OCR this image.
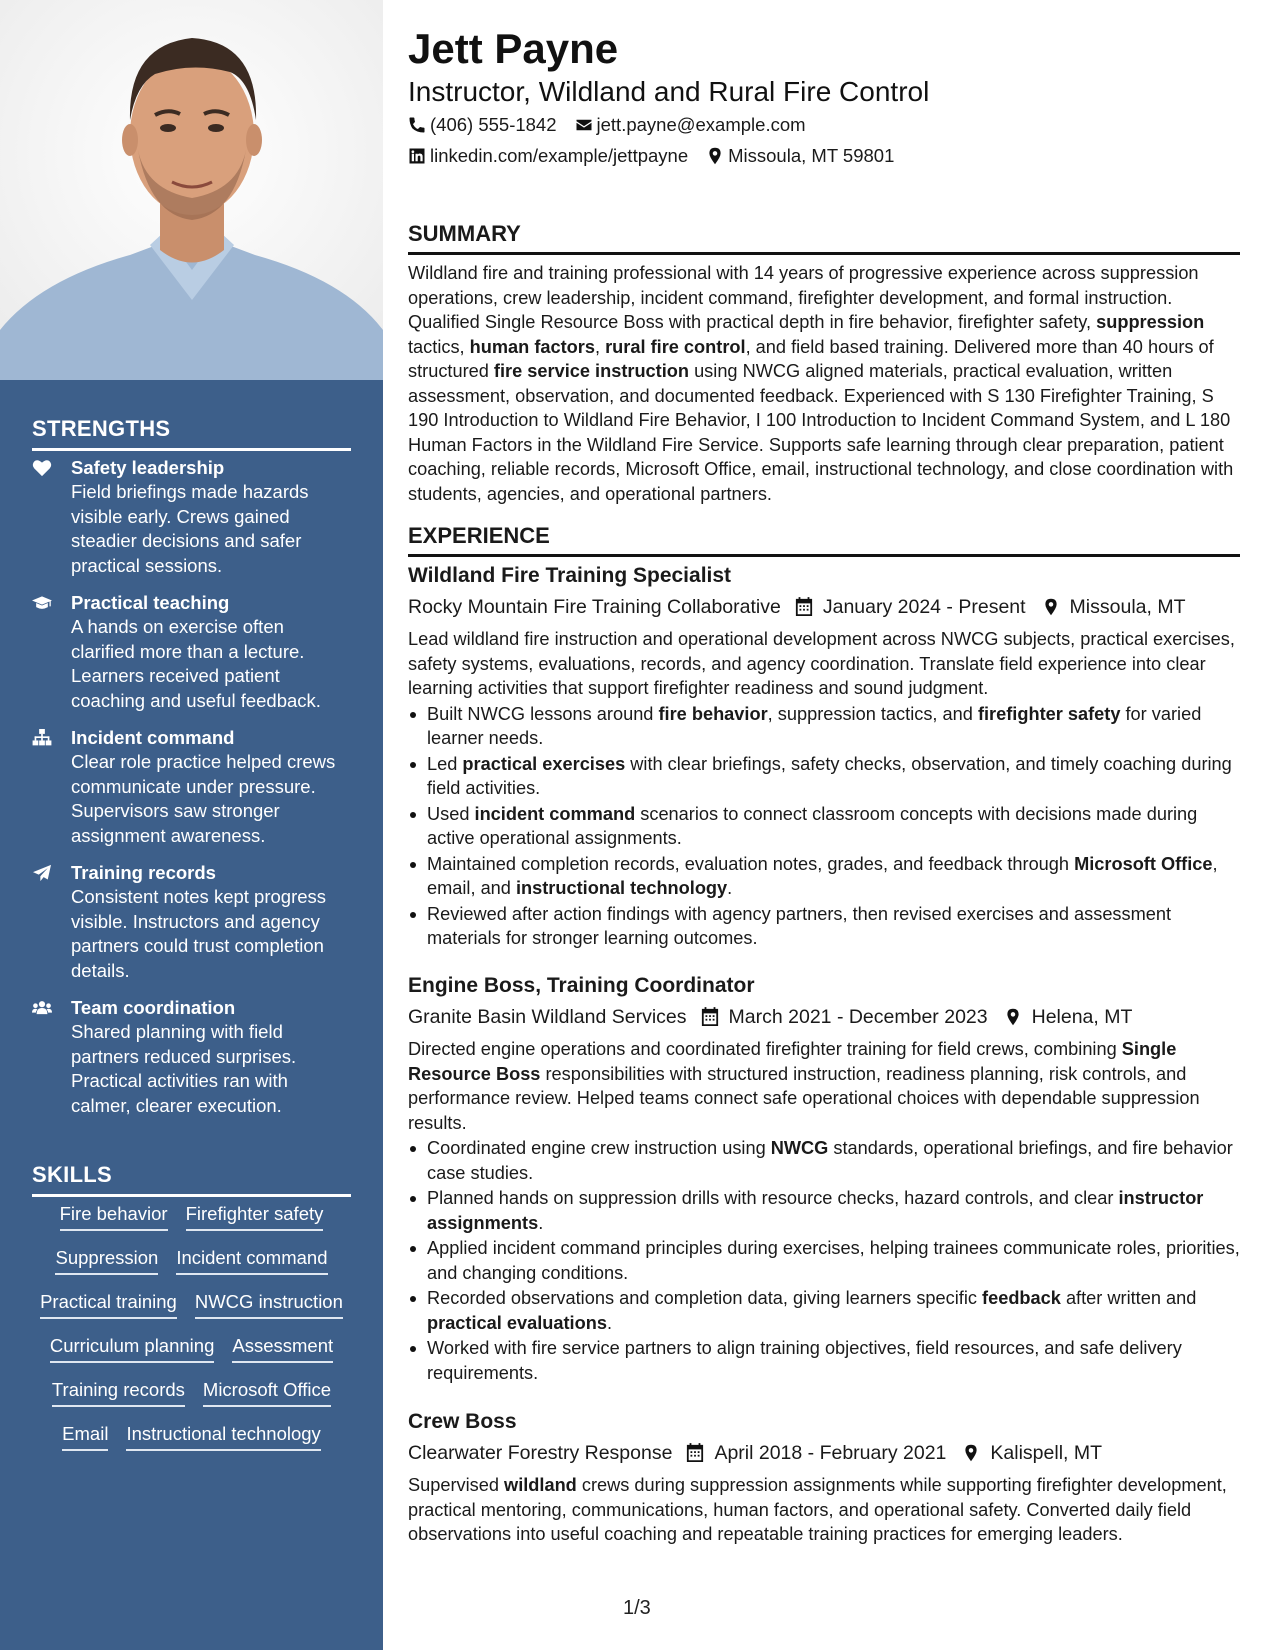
STRENGTHS
Safety leadership
Field briefings made hazards visible early. Crews gained steadier decisions and safer practical sessions.
Practical teaching
A hands on exercise often clarified more than a lecture. Learners received patient coaching and useful feedback.
Incident command
Clear role practice helped crews communicate under pressure. Supervisors saw stronger assignment awareness.
Training records
Consistent notes kept progress visible. Instructors and agency partners could trust completion details.
Team coordination
Shared planning with field partners reduced surprises. Practical activities ran with calmer, clearer execution.
SKILLS
Fire behavior Firefighter safety
Suppression Incident command
Practical training NWCG instruction
Curriculum planning Assessment
Training records Microsoft Office
Email Instructional technology
Jett Payne
Instructor, Wildland and Rural Fire Control
(406) 555-1842 jett.payne@example.com
linkedin.com/example/jettpayne Missoula, MT 59801
SUMMARY
Wildland fire and training professional with 14 years of progressive experience across suppression operations, crew leadership, incident command, firefighter development, and formal instruction. Qualified Single Resource Boss with practical depth in fire behavior, firefighter safety, suppression tactics, human factors, rural fire control, and field based training. Delivered more than 40 hours of structured fire service instruction using NWCG aligned materials, practical evaluation, written assessment, observation, and documented feedback. Experienced with S 130 Firefighter Training, S 190 Introduction to Wildland Fire Behavior, I 100 Introduction to Incident Command System, and L 180 Human Factors in the Wildland Fire Service. Supports safe learning through clear preparation, patient coaching, reliable records, Microsoft Office, email, instructional technology, and close coordination with students, agencies, and operational partners.
EXPERIENCE
Wildland Fire Training Specialist
Rocky Mountain Fire Training Collaborative January 2024 - Present Missoula, MT
Lead wildland fire instruction and operational development across NWCG subjects, practical exercises, safety systems, evaluations, records, and agency coordination. Translate field experience into clear learning activities that support firefighter readiness and sound judgment.
Built NWCG lessons around fire behavior, suppression tactics, and firefighter safety for varied learner needs.
Led practical exercises with clear briefings, safety checks, observation, and timely coaching during field activities.
Used incident command scenarios to connect classroom concepts with decisions made during active operational assignments.
Maintained completion records, evaluation notes, grades, and feedback through Microsoft Office, email, and instructional technology.
Reviewed after action findings with agency partners, then revised exercises and assessment materials for stronger learning outcomes.
Engine Boss, Training Coordinator
Granite Basin Wildland Services March 2021 - December 2023 Helena, MT
Directed engine operations and coordinated firefighter training for field crews, combining Single Resource Boss responsibilities with structured instruction, readiness planning, risk controls, and performance review. Helped teams connect safe operational choices with dependable suppression results.
Coordinated engine crew instruction using NWCG standards, operational briefings, and fire behavior case studies.
Planned hands on suppression drills with resource checks, hazard controls, and clear instructor assignments.
Applied incident command principles during exercises, helping trainees communicate roles, priorities, and changing conditions.
Recorded observations and completion data, giving learners specific feedback after written and practical evaluations.
Worked with fire service partners to align training objectives, field resources, and safe delivery requirements.
Crew Boss
Clearwater Forestry Response April 2018 - February 2021 Kalispell, MT
Supervised wildland crews during suppression assignments while supporting firefighter development, practical mentoring, communications, human factors, and operational safety. Converted daily field observations into useful coaching and repeatable training practices for emerging leaders.
1/3
